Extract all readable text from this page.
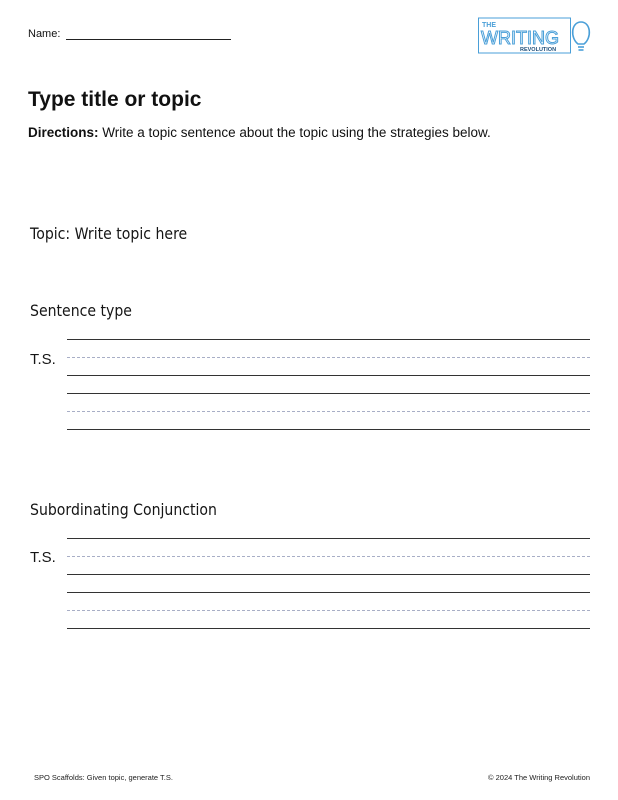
Name:
THE
WRITING
REVOLUTION
Type title or topic
Directions: Write a topic sentence about the topic using the strategies below.
Topic: Write topic here
Sentence type
T.S.
Subordinating Conjunction
T.S.
SPO Scaffolds: Given topic, generate T.S.	© 2024 The Writing Revolution
